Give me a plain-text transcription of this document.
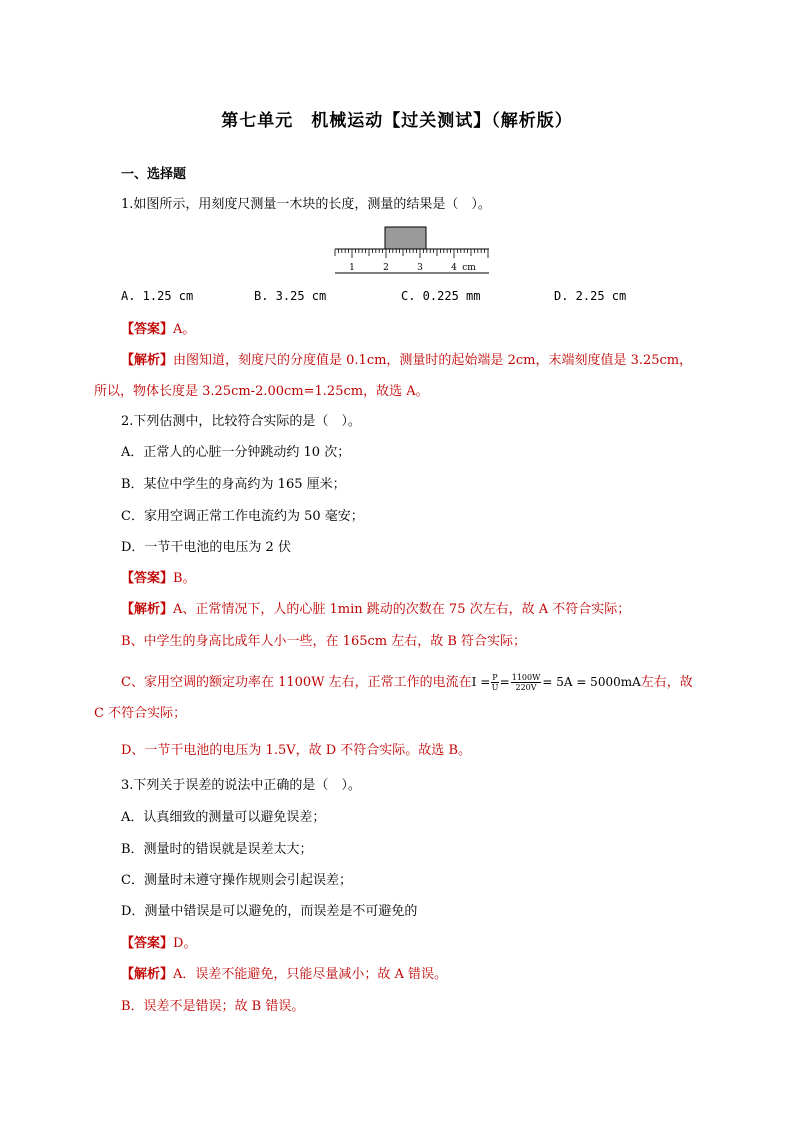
第七单元　机械运动【过关测试】（解析版）
一、选择题
1.如图所示，用刻度尺测量一木块的长度，测量的结果是（　）。
1	2	3	4 cm
A. 1.25 cm	B. 3.25 cm	C. 0.225 mm	D. 2.25 cm
【答案】A。
【解析】由图知道，刻度尺的分度值是 0.1cm，测量时的起始端是 2cm，末端刻度值是 3.25cm，
所以，物体长度是 3.25cm-2.00cm=1.25cm，故选 A。
2.下列估测中，比较符合实际的是（　）。
A．正常人的心脏一分钟跳动约 10 次；
B．某位中学生的身高约为 165 厘米；
C．家用空调正常工作电流约为 50 毫安；
D．一节干电池的电压为 2 伏
【答案】B。
【解析】A、正常情况下，人的心脏 1min 跳动的次数在 75 次左右，故 A 不符合实际；
B、中学生的身高比成年人小一些，在 165cm 左右，故 B 符合实际；
C、家用空调的额定功率在 1100W 左右，正常工作的电流在$I = \frac{P}{U} = \frac{1100W}{220V} = 5A = 5000mA$左右，故
C 不符合实际；
D、一节干电池的电压为 1.5V，故 D 不符合实际。故选 B。
3.下列关于误差的说法中正确的是（　）。
A．认真细致的测量可以避免误差；
B．测量时的错误就是误差太大；
C．测量时未遵守操作规则会引起误差；
D．测量中错误是可以避免的，而误差是不可避免的
【答案】D。
【解析】A．误差不能避免，只能尽量减小；故 A 错误。
B．误差不是错误；故 B 错误。
